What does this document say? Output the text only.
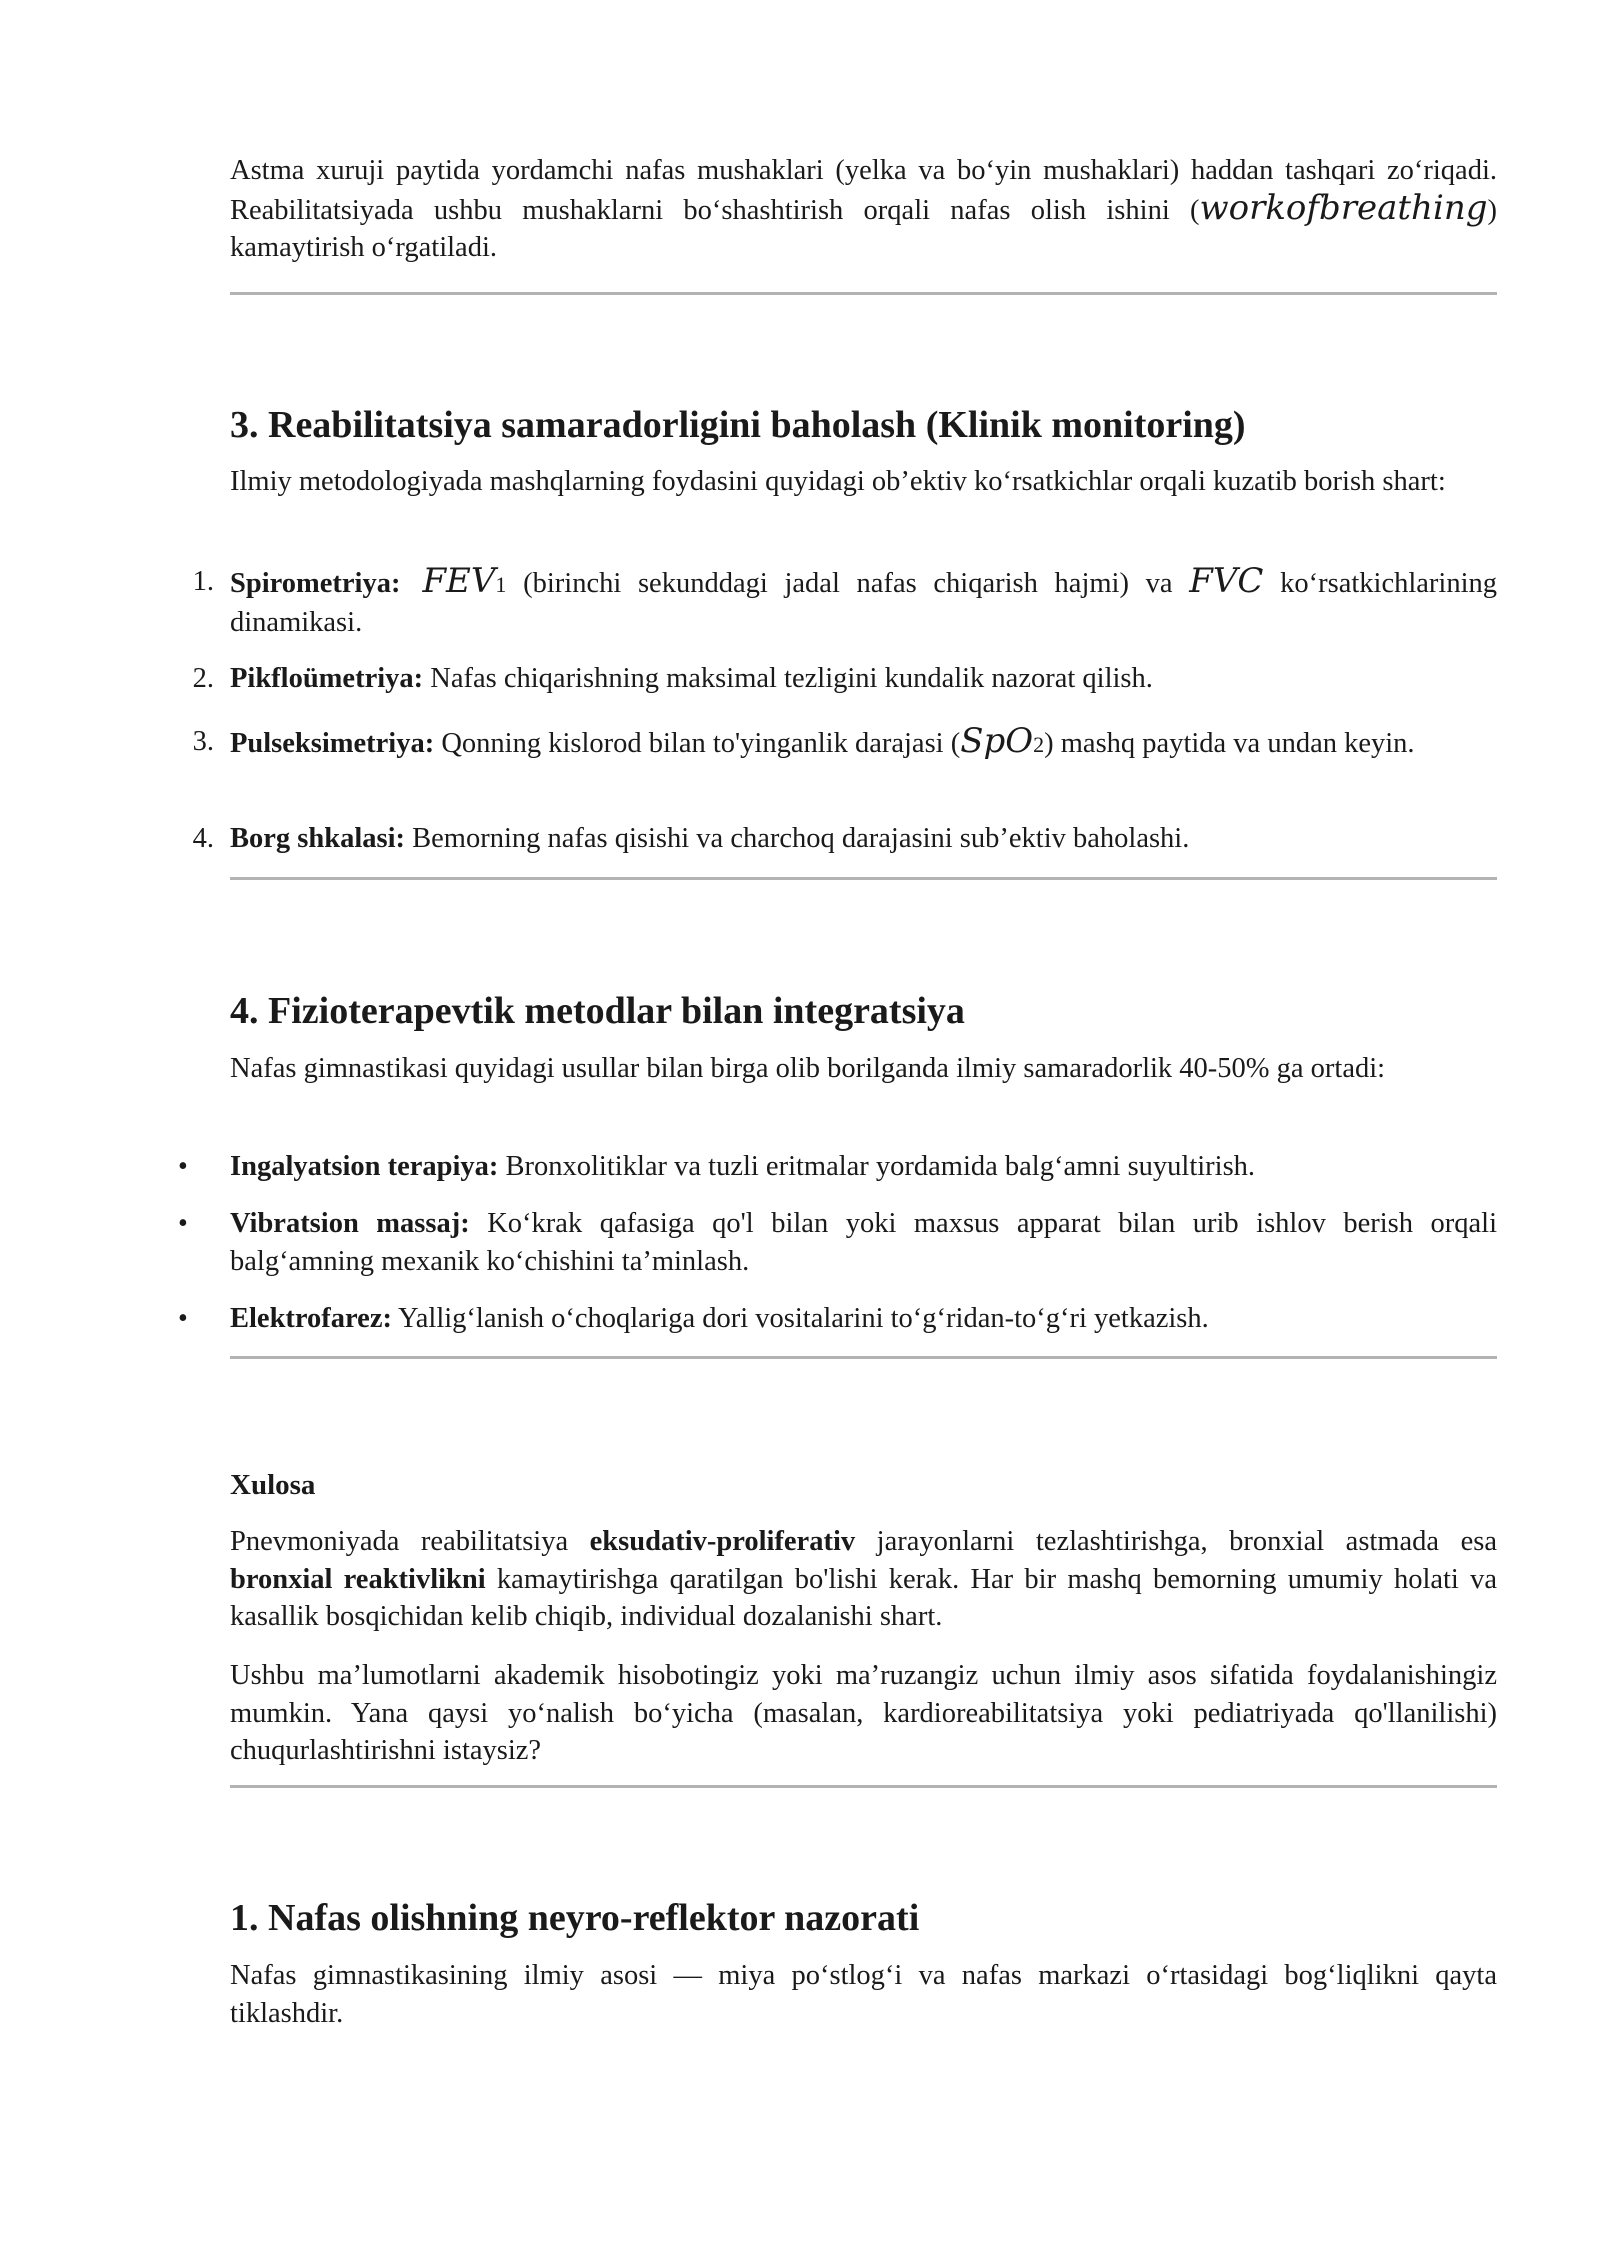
Astma xuruji paytida yordamchi nafas mushaklari (yelka va bo‘yin mushaklari) haddan tashqari zo‘riqadi. Reabilitatsiyada ushbu mushaklarni bo‘shashtirish orqali nafas olish ishini (workofbreathing) kamaytirish o‘rgatiladi.

3. Reabilitatsiya samaradorligini baholash (Klinik monitoring)

Ilmiy metodologiyada mashqlarning foydasini quyidagi ob’ektiv ko‘rsatkichlar orqali kuzatib borish shart:

1. Spirometriya: FEV1 (birinchi sekunddagi jadal nafas chiqarish hajmi) va FVC ko‘rsatkichlarining dinamikasi.

2. Pikfloümetriya: Nafas chiqarishning maksimal tezligini kundalik nazorat qilish.

3. Pulseksimetriya: Qonning kislorod bilan to'yinganlik darajasi (SpO2) mashq paytida va undan keyin.

4. Borg shkalasi: Bemorning nafas qisishi va charchoq darajasini sub’ektiv baholashi.

4. Fizioterapevtik metodlar bilan integratsiya

Nafas gimnastikasi quyidagi usullar bilan birga olib borilganda ilmiy samaradorlik 40-50% ga ortadi:

•	Ingalyatsion terapiya: Bronxolitiklar va tuzli eritmalar yordamida balg‘amni suyultirish.

•	Vibratsion massaj: Ko‘krak qafasiga qo'l bilan yoki maxsus apparat bilan urib ishlov berish orqali balg‘amning mexanik ko‘chishini ta’minlash.

•	Elektrofarez: Yallig‘lanish o‘choqlariga dori vositalarini to‘g‘ridan-to‘g‘ri yetkazish.

Xulosa

Pnevmoniyada reabilitatsiya eksudativ-proliferativ jarayonlarni tezlashtirishga, bronxial astmada esa bronxial reaktivlikni kamaytirishga qaratilgan bo'lishi kerak. Har bir mashq bemorning umumiy holati va kasallik bosqichidan kelib chiqib, individual dozalanishi shart.

Ushbu ma’lumotlarni akademik hisobotingiz yoki ma’ruzangiz uchun ilmiy asos sifatida foydalanishingiz mumkin. Yana qaysi yo‘nalish bo‘yicha (masalan, kardioreabilitatsiya yoki pediatriyada qo'llanilishi) chuqurlashtirishni istaysiz?

1. Nafas olishning neyro-reflektor nazorati

Nafas gimnastikasining ilmiy asosi — miya po‘stlog‘i va nafas markazi o‘rtasidagi bog‘liqlikni qayta tiklashdir.
